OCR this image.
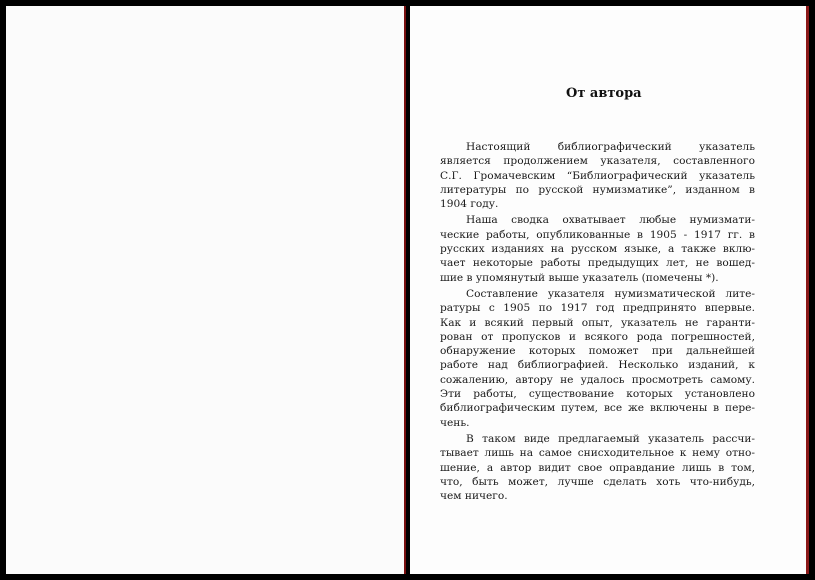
От автора

Настоящий библиографический указатель
является продолжением указателя, составленного
С.Г. Громачевским “Библиографический указатель
литературы по русской нумизматике”, изданном в
1904 году.

Наша сводка охватывает любые нумизмати-
ческие работы, опубликованные в 1905 - 1917 гг. в
русских изданиях на русском языке, а также вклю-
чает некоторые работы предыдущих лет, не вошед-
шие в упомянутый выше указатель (помечены *).

Составление указателя нумизматической лите-
ратуры с 1905 по 1917 год предпринято впервые.
Как и всякий первый опыт, указатель не гаранти-
рован от пропусков и всякого рода погрешностей,
обнаружение которых поможет при дальнейшей
работе над библиографией. Несколько изданий, к
сожалению, автору не удалось просмотреть самому.
Эти работы, существование которых установлено
библиографическим путем, все же включены в пере-
чень.

В таком виде предлагаемый указатель рассчи-
тывает лишь на самое снисходительное к нему отно-
шение, а автор видит свое оправдание лишь в том,
что, быть может, лучше сделать хоть что-нибудь,
чем ничего.
